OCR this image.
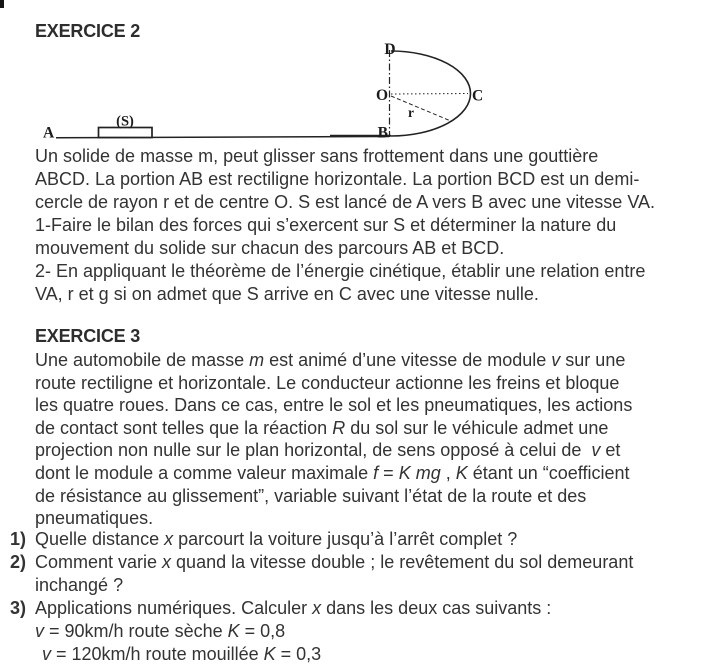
EXERCICE 2
A
(S)
D
O	C
B
r
Un solide de masse m, peut glisser sans frottement dans une gouttière
ABCD. La portion AB est rectiligne horizontale. La portion BCD est un demi-
cercle de rayon r et de centre O. S est lancé de A vers B avec une vitesse VA.
1-Faire le bilan des forces qui s’exercent sur S et déterminer la nature du
mouvement du solide sur chacun des parcours AB et BCD.
2- En appliquant le théorème de l’énergie cinétique, établir une relation entre
VA, r et g si on admet que S arrive en C avec une vitesse nulle.
EXERCICE 3
Une automobile de masse m est animé d’une vitesse de module v sur une
route rectiligne et horizontale. Le conducteur actionne les freins et bloque
les quatre roues. Dans ce cas, entre le sol et les pneumatiques, les actions
de contact sont telles que la réaction R du sol sur le véhicule admet une
projection non nulle sur le plan horizontal, de sens opposé à celui de  v et
dont le module a comme valeur maximale f = K mg , K étant un “coefficient
de résistance au glissement”, variable suivant l’état de la route et des
pneumatiques.
1) Quelle distance x parcourt la voiture jusqu’à l’arrêt complet ?
2) Comment varie x quand la vitesse double ; le revêtement du sol demeurant
inchangé ?
3) Applications numériques. Calculer x dans les deux cas suivants :
v = 90km/h route sèche K = 0,8
v = 120km/h route mouillée K = 0,3
